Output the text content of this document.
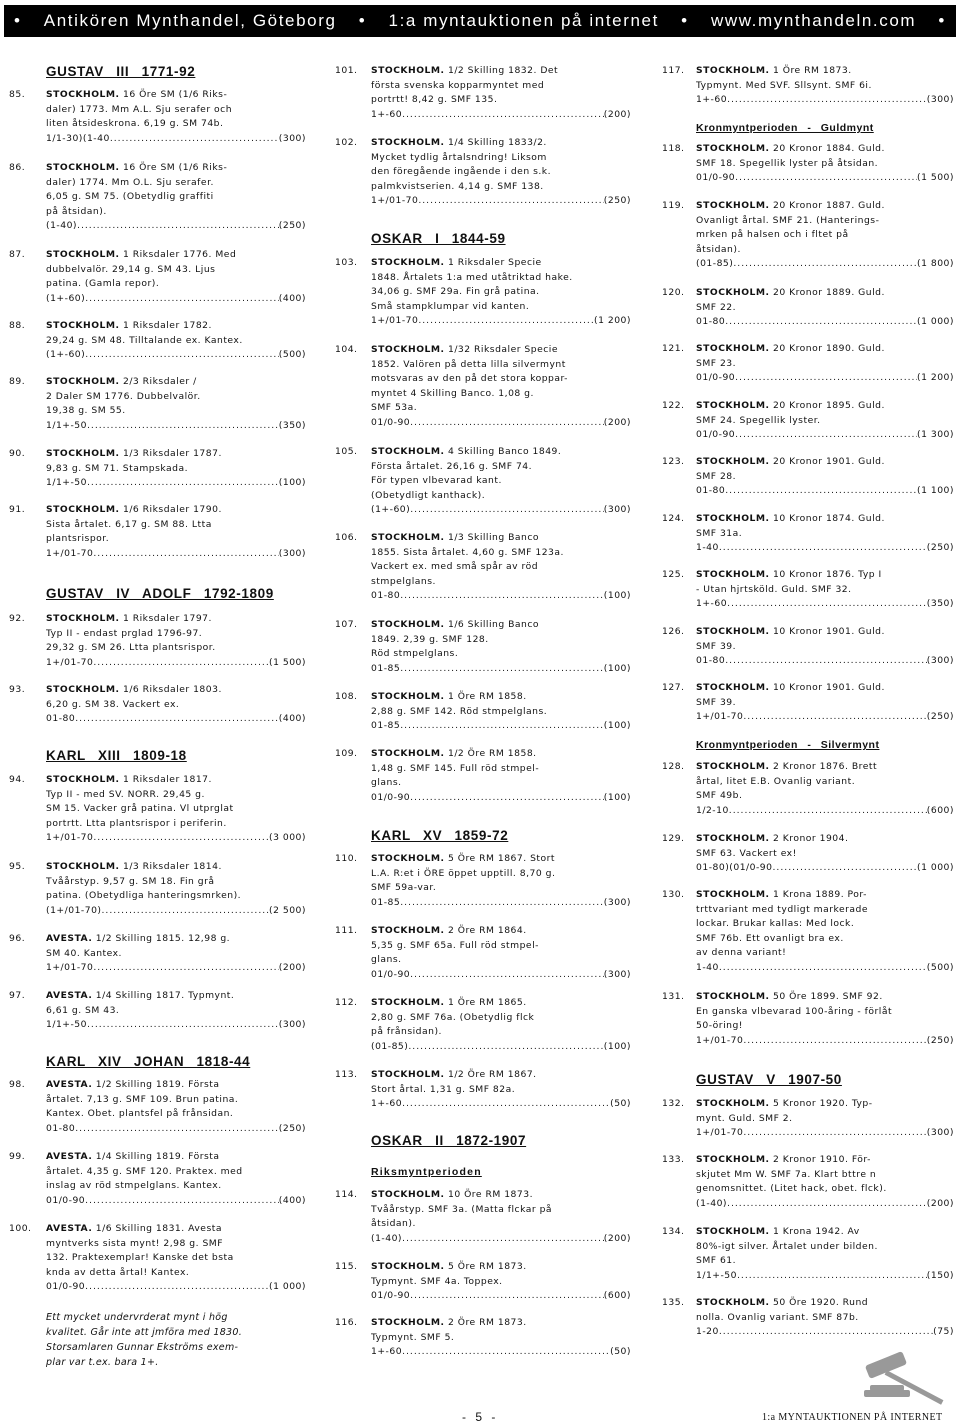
• Antikören Mynthandel, Göteborg • 1:a myntauktionen på internet • www.mynthandeln.com •
GUSTAV III 1771-92
GUSTAV IV ADOLF 1792-1809
KARL XIII 1809-18
KARL XIV JOHAN 1818-44
OSKAR I 1844-59
KARL XV 1859-72
OSKAR II 1872-1907
Riksmyntperioden
Kronmyntperioden - Guldmynt
Kronmyntperioden - Silvermynt
GUSTAV V 1907-50
85.	STOCKHOLM. 16 Öre SM (1/6 Riks-
daler) 1773. Mm A.L. Sju serafer och
liten åtsideskrona. 6,19 g. SM 74b.
1/1-30)(1-40 .....	(300)
86.	STOCKHOLM. 16 Öre SM (1/6 Riks-
daler) 1774. Mm O.L. Sju serafer.
6,05 g. SM 75. (Obetydlig graffiti
på åtsidan).
(1-40) .....	(250)
87.	STOCKHOLM. 1 Riksdaler 1776. Med
dubbelvalör. 29,14 g. SM 43. Ljus
patina. (Gamla repor).
(1+-60) .....	(400)
88.	STOCKHOLM. 1 Riksdaler 1782.
29,24 g. SM 48. Tilltalande ex. Kantex.
(1+-60) .....	(500)
89.	STOCKHOLM. 2/3 Riksdaler /
2 Daler SM 1776. Dubbelvalör.
19,38 g. SM 55.
1/1+-50 .....	(350)
90.	STOCKHOLM. 1/3 Riksdaler 1787.
9,83 g. SM 71. Stampskada.
1/1+-50 .....	(100)
91.	STOCKHOLM. 1/6 Riksdaler 1790.
Sista årtalet. 6,17 g. SM 88. Ltta
plantsrispor.
1+/01-70 .....	(300)
92.	STOCKHOLM. 1 Riksdaler 1797.
Typ II - endast prglad 1796-97.
29,32 g. SM 26. Ltta plantsrispor.
1+/01-70 .....	(1 500)
93.	STOCKHOLM. 1/6 Riksdaler 1803.
6,20 g. SM 38. Vackert ex.
01-80 .....	(400)
94.	STOCKHOLM. 1 Riksdaler 1817.
Typ II - med SV. NORR. 29,45 g.
SM 15. Vacker grå patina. Vl utprglat
portrtt. Ltta plantsrispor i periferin.
1+/01-70 .....	(3 000)
95.	STOCKHOLM. 1/3 Riksdaler 1814.
Tvåårstyp. 9,57 g. SM 18. Fin grå
patina. (Obetydliga hanteringsmrken).
(1+/01-70) .....	(2 500)
96.	AVESTA. 1/2 Skilling 1815. 12,98 g.
SM 40. Kantex.
1+/01-70 .....	(200)
97.	AVESTA. 1/4 Skilling 1817. Typmynt.
6,61 g. SM 43.
1/1+-50 .....	(300)
98.	AVESTA. 1/2 Skilling 1819. Första
årtalet. 7,13 g. SMF 109. Brun patina.
Kantex. Obet. plantsfel på frånsidan.
01-80 .....	(250)
99.	AVESTA. 1/4 Skilling 1819. Första
årtalet. 4,35 g. SMF 120. Praktex. med
inslag av röd stmpelglans. Kantex.
01/0-90 .....	(400)
100.	AVESTA. 1/6 Skilling 1831. Avesta
myntverks sista mynt! 2,98 g. SMF
132. Praktexemplar! Kanske det bsta
knda av detta årtal! Kantex.
01/0-90 .....	(1 000)
101.	STOCKHOLM. 1/2 Skilling 1832. Det
första svenska kopparmyntet med
portrtt! 8,42 g. SMF 135.
1+-60 .....	(200)
102.	STOCKHOLM. 1/4 Skilling 1833/2.
Mycket tydlig årtalsndring! Liksom
den föregående ingående i den s.k.
palmkvistserien. 4,14 g. SMF 138.
1+/01-70 .....	(250)
103.	STOCKHOLM. 1 Riksdaler Specie
1848. Årtalets 1:a med utåtriktad hake.
34,06 g. SMF 29a. Fin grå patina.
Små stampklumpar vid kanten.
1+/01-70 .....	(1 200)
104.	STOCKHOLM. 1/32 Riksdaler Specie
1852. Valören på detta lilla silvermynt
motsvaras av den på det stora koppar-
myntet 4 Skilling Banco. 1,08 g.
SMF 53a.
01/0-90 .....	(200)
105.	STOCKHOLM. 4 Skilling Banco 1849.
Första årtalet. 26,16 g. SMF 74.
För typen vlbevarad kant.
(Obetydligt kanthack).
(1+-60) .....	(300)
106.	STOCKHOLM. 1/3 Skilling Banco
1855. Sista årtalet. 4,60 g. SMF 123a.
Vackert ex. med små spår av röd
stmpelglans.
01-80 .....	(100)
107.	STOCKHOLM. 1/6 Skilling Banco
1849. 2,39 g. SMF 128.
Röd stmpelglans.
01-85 .....	(100)
108.	STOCKHOLM. 1 Öre RM 1858.
2,88 g. SMF 142. Röd stmpelglans.
01-85 .....	(100)
109.	STOCKHOLM. 1/2 Öre RM 1858.
1,48 g. SMF 145. Full röd stmpel-
glans.
01/0-90 .....	(100)
110.	STOCKHOLM. 5 Öre RM 1867. Stort
L.A. R:et i ÖRE öppet upptill. 8,70 g.
SMF 59a-var.
01-85 .....	(300)
111.	STOCKHOLM. 2 Öre RM 1864.
5,35 g. SMF 65a. Full röd stmpel-
glans.
01/0-90 .....	(300)
112.	STOCKHOLM. 1 Öre RM 1865.
2,80 g. SMF 76a. (Obetydlig flck
på frånsidan).
(01-85) .....	(100)
113.	STOCKHOLM. 1/2 Öre RM 1867.
Stort årtal. 1,31 g. SMF 82a.
1+-60 .....	(50)
114.	STOCKHOLM. 10 Öre RM 1873.
Tvåårstyp. SMF 3a. (Matta flckar på
åtsidan).
(1-40) .....	(200)
115.	STOCKHOLM. 5 Öre RM 1873.
Typmynt. SMF 4a. Toppex.
01/0-90 .....	(600)
116.	STOCKHOLM. 2 Öre RM 1873.
Typmynt. SMF 5.
1+-60 .....	(50)
117.	STOCKHOLM. 1 Öre RM 1873.
Typmynt. Med SVF. Sllsynt. SMF 6i.
1+-60 .....	(300)
118.	STOCKHOLM. 20 Kronor 1884. Guld.
SMF 18. Spegellik lyster på åtsidan.
01/0-90 .....	(1 500)
119.	STOCKHOLM. 20 Kronor 1887. Guld.
Ovanligt årtal. SMF 21. (Hanterings-
mrken på halsen och i fltet på
åtsidan).
(01-85) .....	(1 800)
120.	STOCKHOLM. 20 Kronor 1889. Guld.
SMF 22.
01-80 .....	(1 000)
121.	STOCKHOLM. 20 Kronor 1890. Guld.
SMF 23.
01/0-90 .....	(1 200)
122.	STOCKHOLM. 20 Kronor 1895. Guld.
SMF 24. Spegellik lyster.
01/0-90 .....	(1 300)
123.	STOCKHOLM. 20 Kronor 1901. Guld.
SMF 28.
01-80 .....	(1 100)
124.	STOCKHOLM. 10 Kronor 1874. Guld.
SMF 31a.
1-40 .....	(250)
125.	STOCKHOLM. 10 Kronor 1876. Typ I
- Utan hjrtsköld. Guld. SMF 32.
1+-60 .....	(350)
126.	STOCKHOLM. 10 Kronor 1901. Guld.
SMF 39.
01-80 .....	(300)
127.	STOCKHOLM. 10 Kronor 1901. Guld.
SMF 39.
1+/01-70 .....	(250)
128.	STOCKHOLM. 2 Kronor 1876. Brett
årtal, litet E.B. Ovanlig variant.
SMF 49b.
1/2-10 .....	(600)
129.	STOCKHOLM. 2 Kronor 1904.
SMF 63. Vackert ex!
01-80)(01/0-90 .....	(1 000)
130.	STOCKHOLM. 1 Krona 1889. Por-
trttvariant med tydligt markerade
lockar. Brukar kallas: Med lock.
SMF 76b. Ett ovanligt bra ex.
av denna variant!
1-40 .....	(500)
131.	STOCKHOLM. 50 Öre 1899. SMF 92.
En ganska vlbevarad 100-åring - förlåt
50-öring!
1+/01-70 .....	(250)
132.	STOCKHOLM. 5 Kronor 1920. Typ-
mynt. Guld. SMF 2.
1+/01-70 .....	(300)
133.	STOCKHOLM. 2 Kronor 1910. För-
skjutet Mm W. SMF 7a. Klart bttre n
genomsnittet. (Litet hack, obet. flck).
(1-40) .....	(200)
134.	STOCKHOLM. 1 Krona 1942. Av
80%-igt silver. Årtalet under bilden.
SMF 61.
1/1+-50 .....	(150)
135.	STOCKHOLM. 50 Öre 1920. Rund
nolla. Ovanlig variant. SMF 87b.
1-20 .....	(75)
Ett mycket undervrderat mynt i hög
kvalitet. Går inte att jmföra med 1830.
Storsamlaren Gunnar Ekströms exem-
plar var t.ex. bara 1+.
- 5 -	1:a MYNTAUKTIONEN PÅ INTERNET
